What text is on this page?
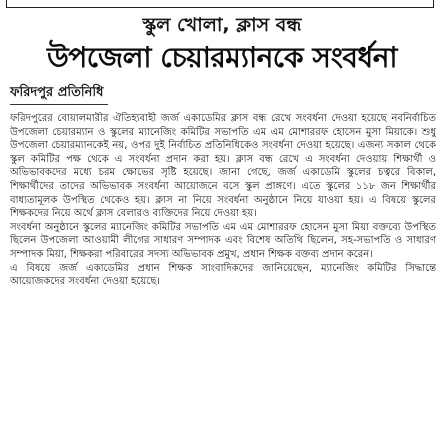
স্কুল খোলা, ক্লাস বন্ধ
উপজেলা চেয়ারম্যানকে সংবর্ধনা
ফরিদপুর প্রতিনিধি

ফরিদপুরের বোয়ালমারীর ঐতিহ্যবাহী জর্জ একাডেমির ক্লাস বন্ধ রেখে সংবর্ধনা দেওয়া হয়েছে নবনির্বাচিত উপজেলা চেয়ারম্যান ও স্কুলের ম্যানেজিং কমিটির সভাপতি এম এম মোশাররফ হোসেন মুসা মিয়াকে। শুধু উপজেলা চেয়ারম্যানকেই নয়, ওপর দুই নির্বাচিত প্রতিনিধিকেও সংবর্ধনা দেওয়া হয়েছে। এজন্য সকাল থেকে স্কুল কমিটির পক্ষ থেকে এ সংবর্ধনা প্রদান করা হয়। ক্লাস বন্ধ রেখে এ সংবর্ধনা দেওয়ায় শিক্ষার্থী ও অভিভাবকদের মধ্যে চরম ক্ষোভের সৃষ্টি হয়েছে। জানা গেছে, জর্জ একাডেমি স্কুলের চত্বরে বিকাল, শিক্ষার্থীদের তাদের অভিভাবক সংবর্ধনা আয়োজনে বসে স্কুল প্রাঙ্গণে। এতে স্কুলের ১১৮ জন শিক্ষার্থীর বাধ্যতামূলক উপস্থিত থেকেও হয়। ক্লাস না নিয়ে সংবর্ধনা অনুষ্ঠানে নিয়ে যাওয়া হয়। এ বিষয়ে স্কুলের শিক্ষকদের নিয়ে অর্থে ক্লাস বেলারও ব্যক্তিদের নিয়ে দেওয়া হয়।

সংবর্ধনা অনুষ্ঠানে স্কুলের ম্যানেজিং কমিটির সভাপতি এম এম মোশাররফ হোসেন মুসা মিয়া বক্তব্যে উপস্থিত ছিলেন উপজেলা আওয়ামী লীগের সাধারণ সম্পাদক এবং বিশেষ অতিথি ছিলেন, সহ-সভাপতি ও সাধারণ সম্পাদক মিয়া, শিক্ষকরা পরিবারের সদস্য অভিভাবক প্রমুখ, প্রধান শিক্ষক বক্তব্য প্রদান করেন।

এ বিষয়ে জর্জ একাডেমির প্রধান শিক্ষক সাংবাদিকদের জানিয়েছেন, ম্যানেজিং কমিটির সিদ্ধান্তে আয়োজকদের সংবর্ধনা দেওয়া হয়েছে।
